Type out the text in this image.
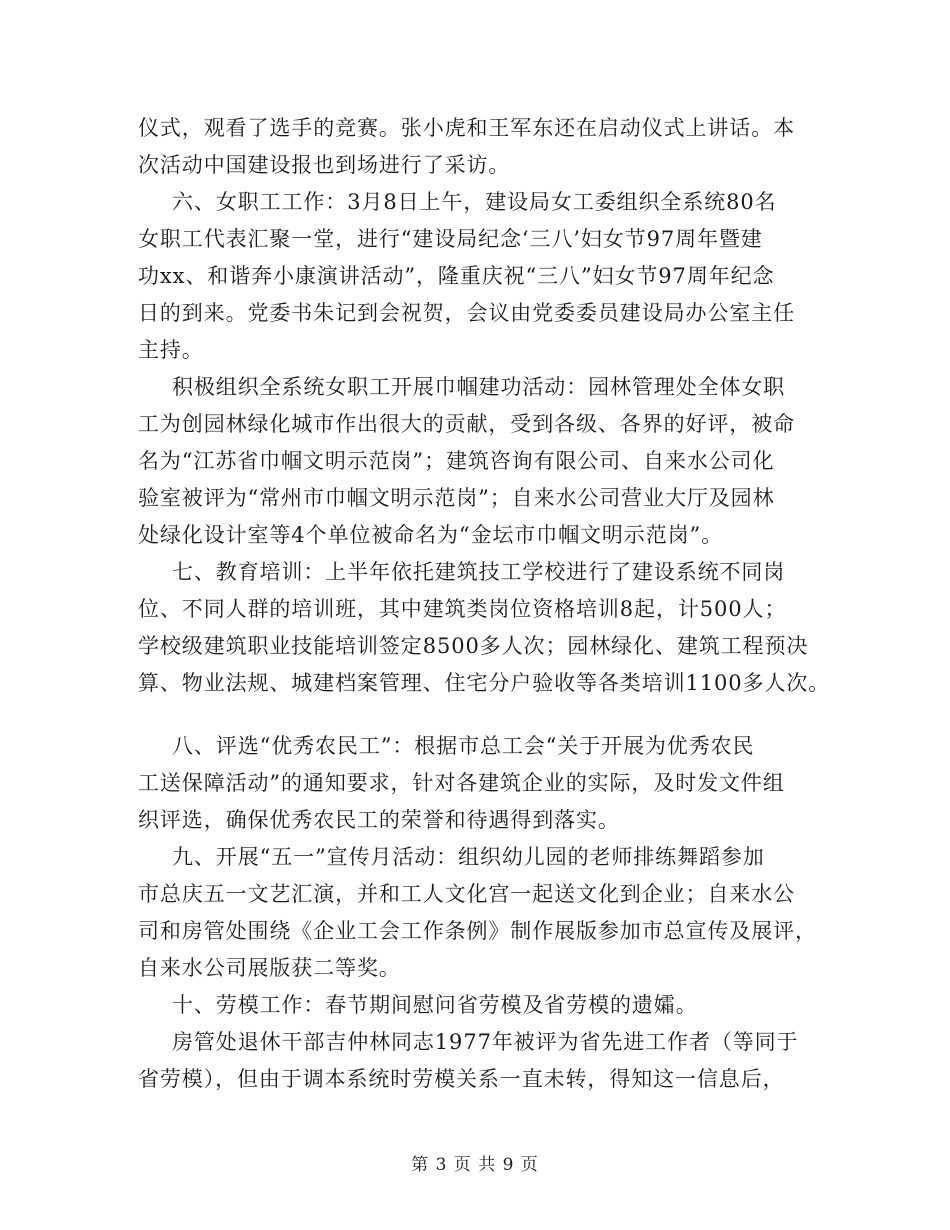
仪式，观看了选手的竞赛。张小虎和王军东还在启动仪式上讲话。本
次活动中国建设报也到场进行了采访。
六、女职工工作：3月8日上午，建设局女工委组织全系统80名
女职工代表汇聚一堂，进行“建设局纪念‘三八’妇女节97周年暨建
功xx、和谐奔小康演讲活动”，隆重庆祝“三八”妇女节97周年纪念
日的到来。党委书朱记到会祝贺，会议由党委委员建设局办公室主任
主持。
积极组织全系统女职工开展巾帼建功活动：园林管理处全体女职
工为创园林绿化城市作出很大的贡献，受到各级、各界的好评，被命
名为“江苏省巾帼文明示范岗”；建筑咨询有限公司、自来水公司化
验室被评为“常州市巾帼文明示范岗”；自来水公司营业大厅及园林
处绿化设计室等4个单位被命名为“金坛市巾帼文明示范岗”。
七、教育培训：上半年依托建筑技工学校进行了建设系统不同岗
位、不同人群的培训班，其中建筑类岗位资格培训8起，计500人；
学校级建筑职业技能培训签定8500多人次；园林绿化、建筑工程预决
算、物业法规、城建档案管理、住宅分户验收等各类培训1100多人次。
八、评选“优秀农民工”：根据市总工会“关于开展为优秀农民
工送保障活动”的通知要求，针对各建筑企业的实际，及时发文件组
织评选，确保优秀农民工的荣誉和待遇得到落实。
九、开展“五一”宣传月活动：组织幼儿园的老师排练舞蹈参加
市总庆五一文艺汇演，并和工人文化宫一起送文化到企业；自来水公
司和房管处围绕《企业工会工作条例》制作展版参加市总宣传及展评，
自来水公司展版获二等奖。
十、劳模工作：春节期间慰问省劳模及省劳模的遗孀。
房管处退休干部吉仲林同志1977年被评为省先进工作者（等同于
省劳模），但由于调本系统时劳模关系一直未转，得知这一信息后，
第 3 页 共 9 页
